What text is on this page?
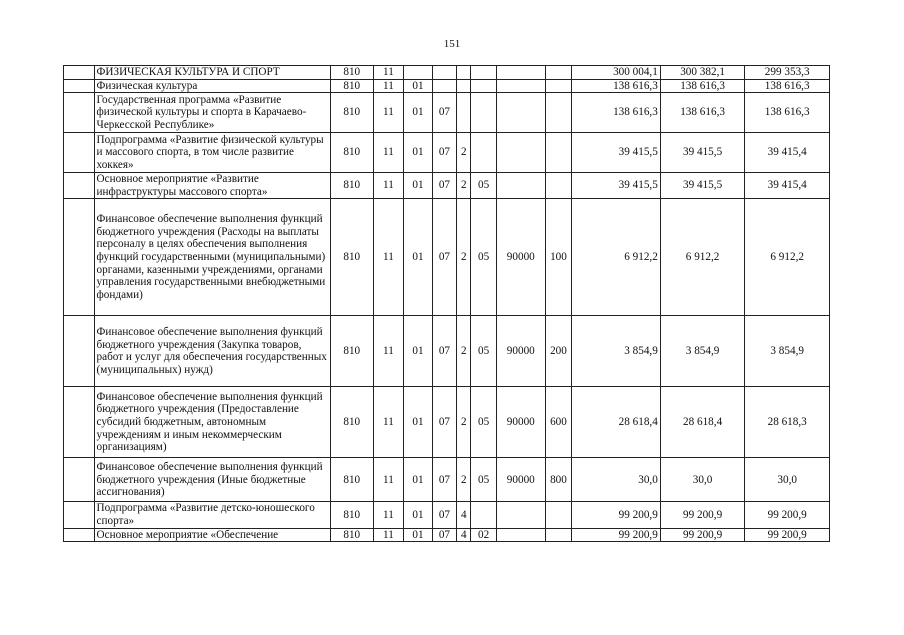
151
	ФИЗИЧЕСКАЯ КУЛЬТУРА И СПОРТ	810	11							300 004,1	300 382,1	299 353,3
	Физическая культура	810	11	01						138 616,3	138 616,3	138 616,3
	Государственная программа «Развитие физической культуры и спорта в Карачаево-Черкесской Республике»	810	11	01	07					138 616,3	138 616,3	138 616,3
	Подпрограмма «Развитие физической культуры и массового спорта, в том числе развитие хоккея»	810	11	01	07	2				39 415,5	39 415,5	39 415,4
	Основное мероприятие «Развитие инфраструктуры массового спорта»	810	11	01	07	2	05			39 415,5	39 415,5	39 415,4
	Финансовое обеспечение выполнения функций бюджетного учреждения (Расходы на выплаты персоналу в целях обеспечения выполнения функций государственными (муниципальными) органами, казенными учреждениями, органами управления государственными внебюджетными фондами)	810	11	01	07	2	05	90000	100	6 912,2	6 912,2	6 912,2
	Финансовое обеспечение выполнения функций бюджетного учреждения (Закупка товаров, работ и услуг для обеспечения государственных (муниципальных) нужд)	810	11	01	07	2	05	90000	200	3 854,9	3 854,9	3 854,9
	Финансовое обеспечение выполнения функций бюджетного учреждения (Предоставление субсидий бюджетным, автономным учреждениям и иным некоммерческим организациям)	810	11	01	07	2	05	90000	600	28 618,4	28 618,4	28 618,3
	Финансовое обеспечение выполнения функций бюджетного учреждения (Иные бюджетные ассигнования)	810	11	01	07	2	05	90000	800	30,0	30,0	30,0
	Подпрограмма «Развитие детско-юношеского спорта»	810	11	01	07	4				99 200,9	99 200,9	99 200,9
	Основное мероприятие «Обеспечение	810	11	01	07	4	02			99 200,9	99 200,9	99 200,9
